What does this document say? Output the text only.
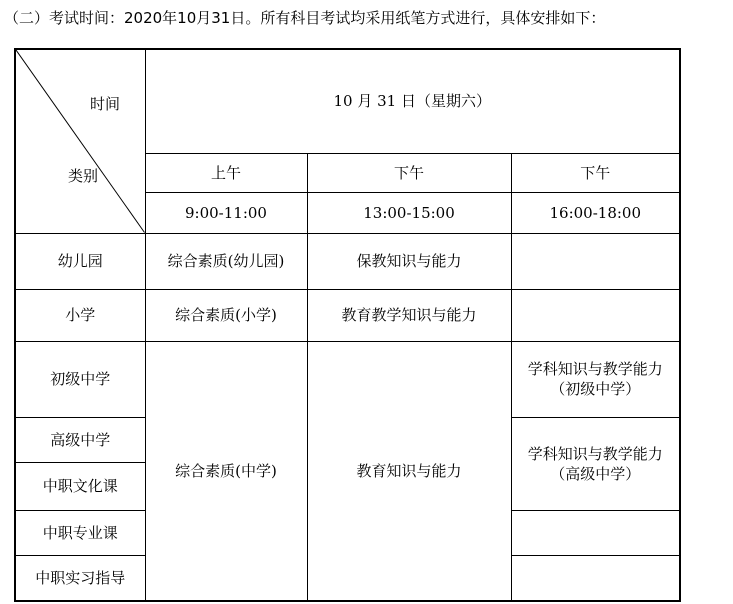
（二）考试时间：2020年10月31日。所有科目考试均采用纸笔方式进行，具体安排如下：
时间
类别	10 月 31 日（星期六）		
	上午	下午	下午
	9:00-11:00	13:00-15:00	16:00-18:00
幼儿园	综合素质(幼儿园)	保教知识与能力	
小学	综合素质(小学)	教育教学知识与能力	
初级中学	综合素质(中学)	教育知识与能力	学科知识与教学能力
（初级中学）

高级中学			学科知识与教学能力
（高级中学）

中职文化课			
中职专业课			
中职实习指导			
